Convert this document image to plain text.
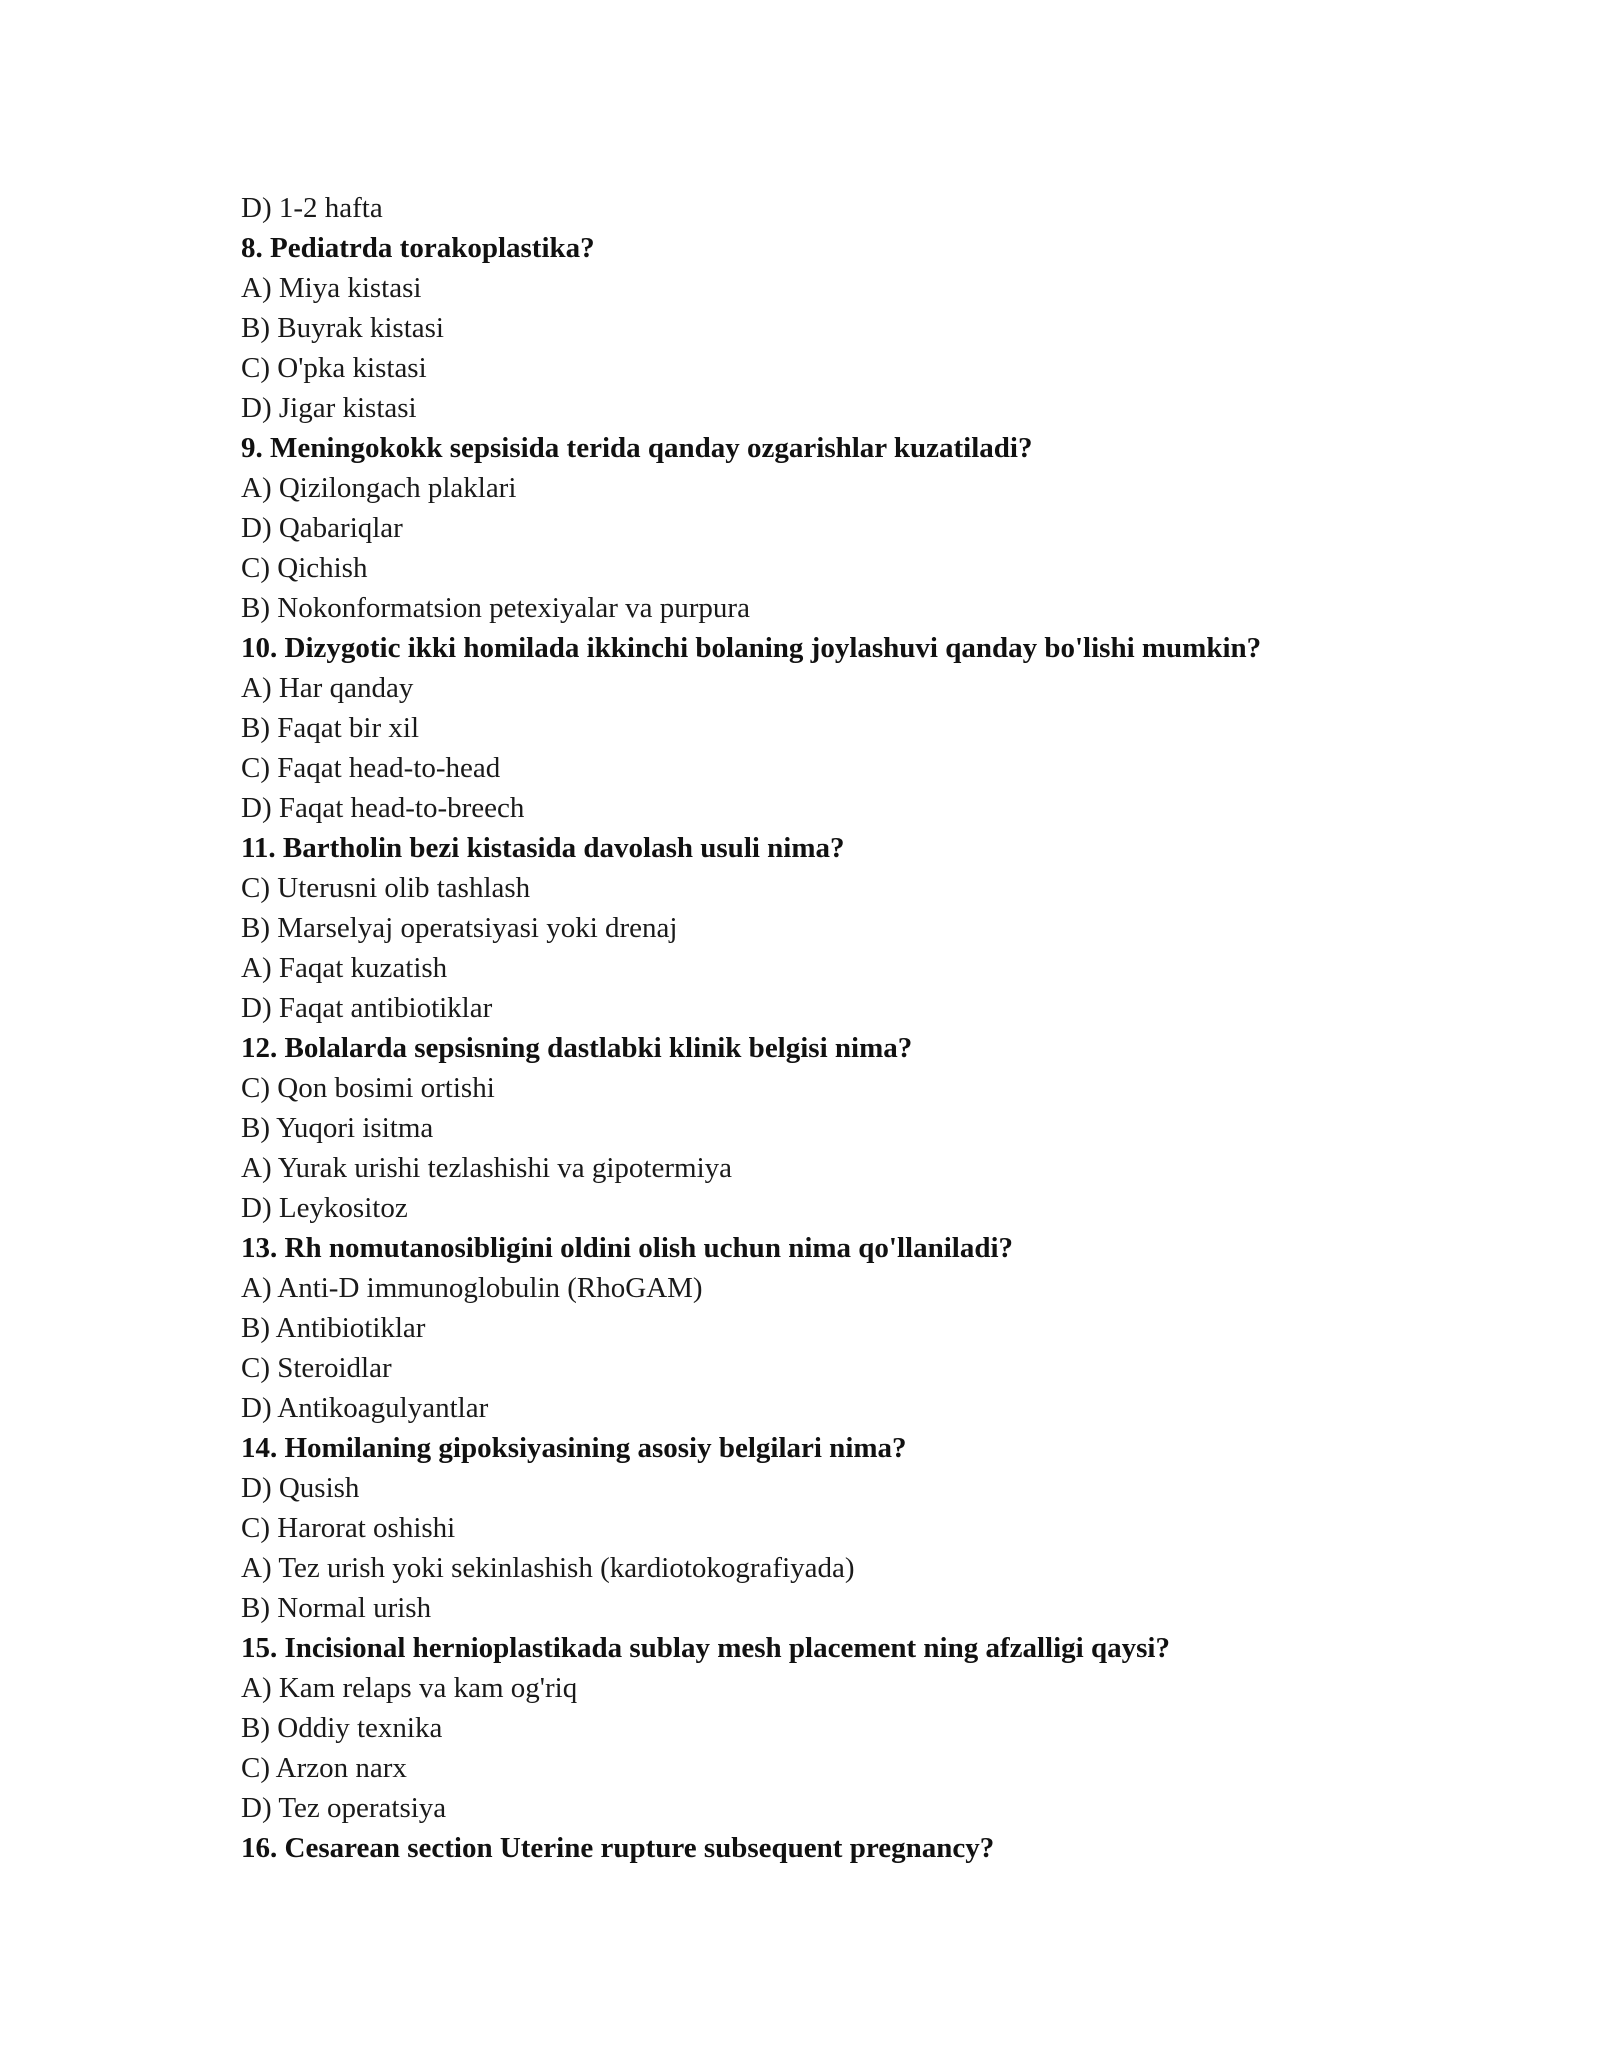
D) 1-2 hafta
8. Pediatrda torakoplastika?
A) Miya kistasi
B) Buyrak kistasi
C) O'pka kistasi
D) Jigar kistasi
9. Meningokokk sepsisida terida qanday ozgarishlar kuzatiladi?
A) Qizilongach plaklari
D) Qabariqlar
C) Qichish
B) Nokonformatsion petexiyalar va purpura
10. Dizygotic ikki homilada ikkinchi bolaning joylashuvi qanday bo'lishi mumkin?
A) Har qanday
B) Faqat bir xil
C) Faqat head-to-head
D) Faqat head-to-breech
11. Bartholin bezi kistasida davolash usuli nima?
C) Uterusni olib tashlash
B) Marselyaj operatsiyasi yoki drenaj
A) Faqat kuzatish
D) Faqat antibiotiklar
12. Bolalarda sepsisning dastlabki klinik belgisi nima?
C) Qon bosimi ortishi
B) Yuqori isitma
A) Yurak urishi tezlashishi va gipotermiya
D) Leykositoz
13. Rh nomutanosibligini oldini olish uchun nima qo'llaniladi?
A) Anti-D immunoglobulin (RhoGAM)
B) Antibiotiklar
C) Steroidlar
D) Antikoagulyantlar
14. Homilaning gipoksiyasining asosiy belgilari nima?
D) Qusish
C) Harorat oshishi
A) Tez urish yoki sekinlashish (kardiotokografiyada)
B) Normal urish
15. Incisional hernioplastikada sublay mesh placement ning afzalligi qaysi?
A) Kam relaps va kam og'riq
B) Oddiy texnika
C) Arzon narx
D) Tez operatsiya
16. Cesarean section Uterine rupture subsequent pregnancy?
